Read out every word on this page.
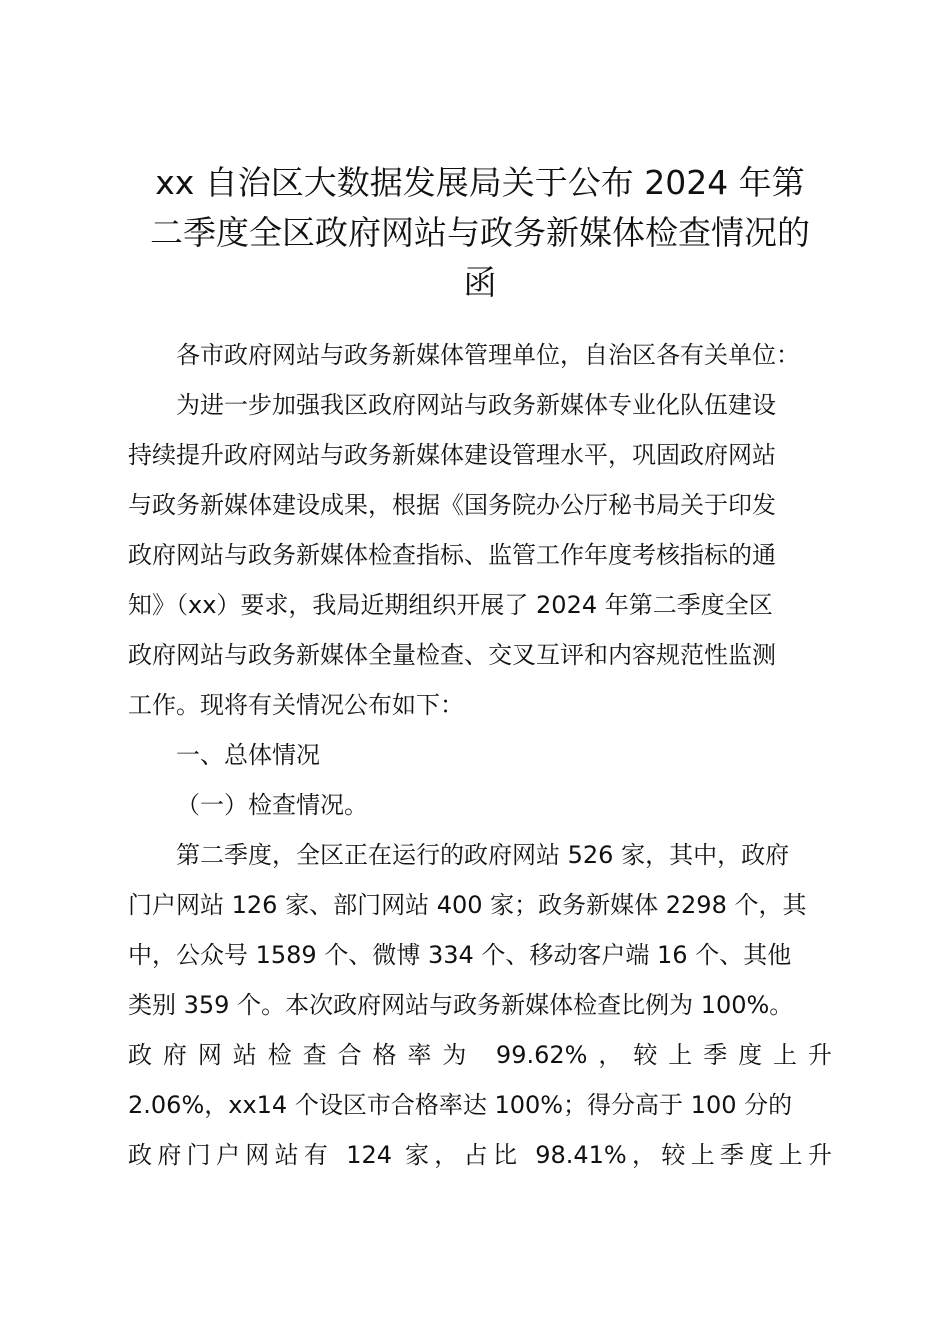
xx 自治区大数据发展局关于公布 2024 年第
二季度全区政府网站与政务新媒体检查情况的
函
各市政府网站与政务新媒体管理单位，自治区各有关单位：
为进一步加强我区政府网站与政务新媒体专业化队伍建设
持续提升政府网站与政务新媒体建设管理水平，巩固政府网站
与政务新媒体建设成果，根据《国务院办公厅秘书局关于印发
政府网站与政务新媒体检查指标、监管工作年度考核指标的通
知》（xx）要求，我局近期组织开展了 2024 年第二季度全区
政府网站与政务新媒体全量检查、交叉互评和内容规范性监测
工作。现将有关情况公布如下：
一、总体情况
（一）检查情况。
第二季度，全区正在运行的政府网站 526 家，其中，政府
门户网站 126 家、部门网站 400 家；政务新媒体 2298 个，其
中，公众号 1589 个、微博 334 个、移动客户端 16 个、其他
类别 359 个。本次政府网站与政务新媒体检查比例为 100%。
政府网站检查合格率为 99.62%，较上季度上升
2.06%，xx14 个设区市合格率达 100%；得分高于 100 分的
政府门户网站有 124 家，占比 98.41%，较上季度上升
